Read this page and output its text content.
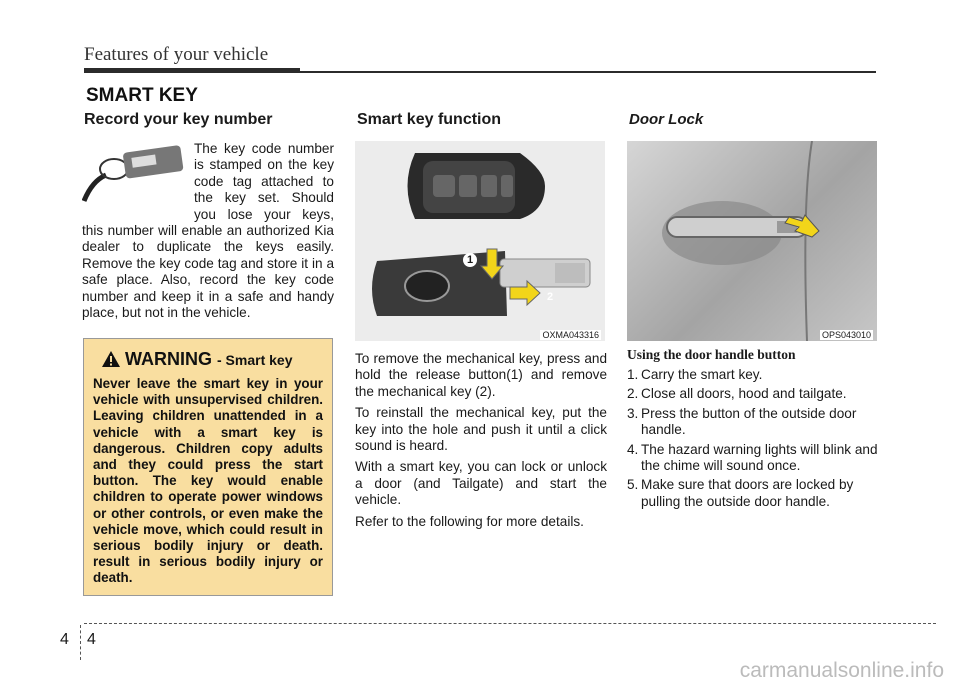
Features of your vehicle
SMART KEY
Record your key number

The key code number is stamped on the key code tag attached to the key set. Should you lose your keys, this number will enable an authorized Kia dealer to duplicate the keys easily. Remove the key code tag and store it in a safe place. Also, record the key code number and keep it in a safe and handy place, but not in the vehicle.

WARNING - Smart key
Never leave the smart key in your vehicle with unsupervised children. Leaving children unattended in a vehicle with a smart key is dangerous. Children copy adults and they could press the start button. The key would enable children to operate power windows or other controls, or even make the vehicle move, which could result in serious bodily injury or death. result in serious bodily injury or death.
Smart key function
1
2
OXMA043316

To remove the mechanical key, press and hold the release button(1) and remove the mechanical key (2).

To reinstall the mechanical key, put the key into the hole and push it until a click sound is heard.

With a smart key, you can lock or unlock a door (and Tailgate) and start the vehicle.

Refer to the following for more details.

Door Lock
OPS043010

Using the door handle button

1. Carry the smart key.
2. Close all doors, hood and tailgate.
3. Press the button of the outside door handle.
4. The hazard warning lights will blink and the chime will sound once.
5. Make sure that doors are locked by pulling the outside door handle.
4 4
carmanualsonline.info
